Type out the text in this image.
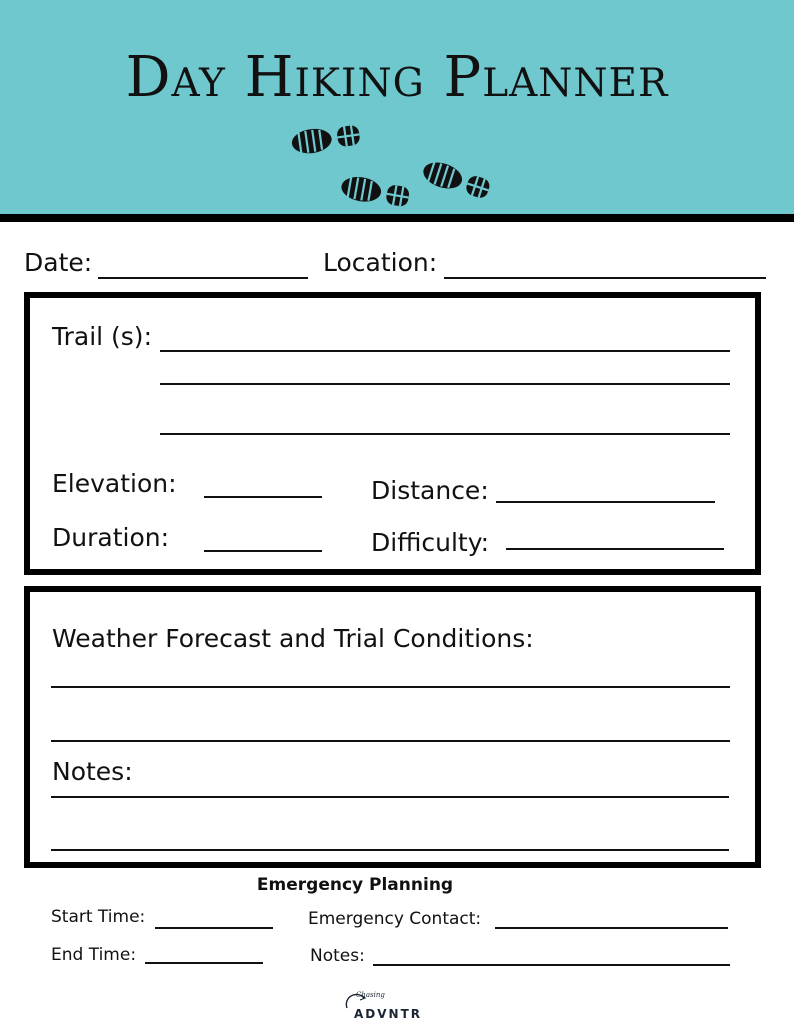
Day Hiking Planner
Date:	Location:
Trail (s):
Elevation:	Distance:
Duration:	Difficulty:
Weather Forecast and Trial Conditions:
Notes:
Emergency Planning
Start Time:	Emergency Contact:
End Time:	Notes:
Chasing
ADVNTR
